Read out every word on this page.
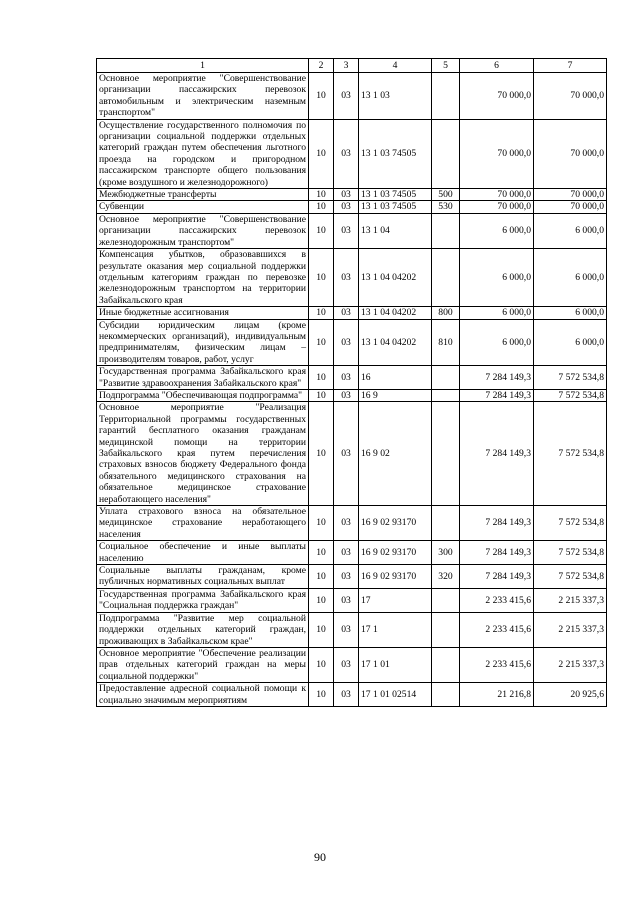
1	2	3	4	5	6	7
Основное мероприятие "Совершенствование организации пассажирских перевозок автомобильным и электрическим наземным транспортом"	10	03	13 1 03		70 000,0	70 000,0
Осуществление государственного полномочия по организации социальной поддержки отдельных категорий граждан путем обеспечения льготного проезда на городском и пригородном пассажирском транспорте общего пользования (кроме воздушного и железнодорожного)	10	03	13 1 03 74505		70 000,0	70 000,0
Межбюджетные трансферты	10	03	13 1 03 74505	500	70 000,0	70 000,0
Субвенции	10	03	13 1 03 74505	530	70 000,0	70 000,0
Основное мероприятие "Совершенствование организации пассажирских перевозок железнодорожным транспортом"	10	03	13 1 04		6 000,0	6 000,0
Компенсация убытков, образовавшихся в результате оказания мер социальной поддержки отдельным категориям граждан по перевозке железнодорожным транспортом на территории Забайкальского края	10	03	13 1 04 04202		6 000,0	6 000,0
Иные бюджетные ассигнования	10	03	13 1 04 04202	800	6 000,0	6 000,0
Субсидии юридическим лицам (кроме некоммерческих организаций), индивидуальным предпринимателям, физическим лицам – производителям товаров, работ, услуг	10	03	13 1 04 04202	810	6 000,0	6 000,0
Государственная программа Забайкальского края "Развитие здравоохранения Забайкальского края"	10	03	16		7 284 149,3	7 572 534,8
Подпрограмма "Обеспечивающая подпрограмма"	10	03	16 9		7 284 149,3	7 572 534,8
Основное мероприятие "Реализация Территориальной программы государственных гарантий бесплатного оказания гражданам медицинской помощи на территории Забайкальского края путем перечисления страховых взносов бюджету Федерального фонда обязательного медицинского страхования на обязательное медицинское страхование неработающего населения"	10	03	16 9 02		7 284 149,3	7 572 534,8
Уплата страхового взноса на обязательное медицинское страхование неработающего населения	10	03	16 9 02 93170		7 284 149,3	7 572 534,8
Социальное обеспечение и иные выплаты населению	10	03	16 9 02 93170	300	7 284 149,3	7 572 534,8
Социальные выплаты гражданам, кроме публичных нормативных социальных выплат	10	03	16 9 02 93170	320	7 284 149,3	7 572 534,8
Государственная программа Забайкальского края "Социальная поддержка граждан"	10	03	17		2 233 415,6	2 215 337,3
Подпрограмма "Развитие мер социальной поддержки отдельных категорий граждан, проживающих в Забайкальском крае"	10	03	17 1		2 233 415,6	2 215 337,3
Основное мероприятие "Обеспечение реализации прав отдельных категорий граждан на меры социальной поддержки"	10	03	17 1 01		2 233 415,6	2 215 337,3
Предоставление адресной социальной помощи к социально значимым мероприятиям	10	03	17 1 01 02514		21 216,8	20 925,6
90
